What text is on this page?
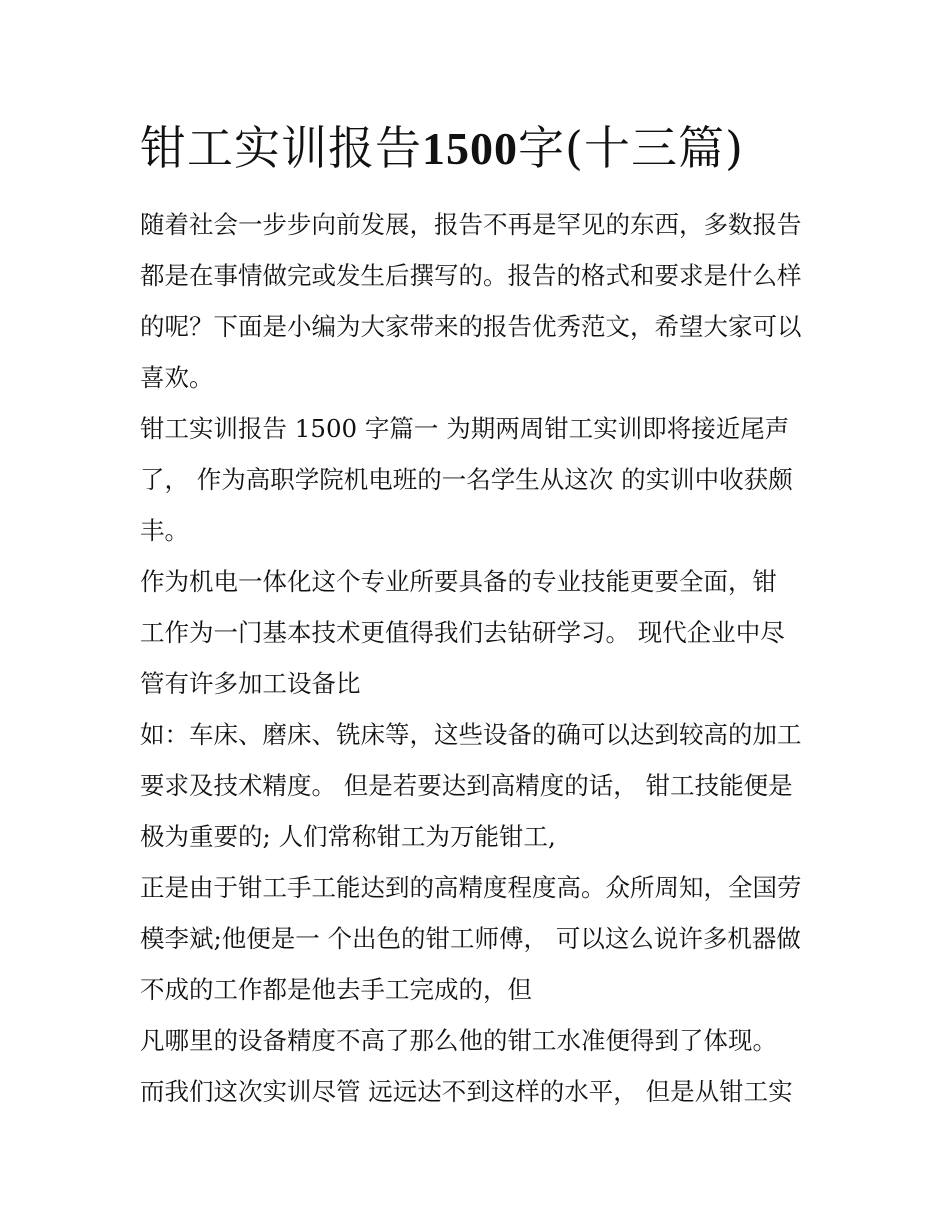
钳工实训报告1500字(十三篇)

随着社会一步步向前发展，报告不再是罕见的东西，多数报告

都是在事情做完或发生后撰写的。报告的格式和要求是什么样

的呢？下面是小编为大家带来的报告优秀范文，希望大家可以

喜欢。

钳工实训报告 1500 字篇一 为期两周钳工实训即将接近尾声

了， 作为高职学院机电班的一名学生从这次 的实训中收获颇

丰。

作为机电一体化这个专业所要具备的专业技能更要全面，钳

工作为一门基本技术更值得我们去钻研学习。 现代企业中尽

管有许多加工设备比

如：车床、磨床、铣床等，这些设备的确可以达到较高的加工

要求及技术精度。 但是若要达到高精度的话， 钳工技能便是

极为重要的; 人们常称钳工为万能钳工,

正是由于钳工手工能达到的高精度程度高。众所周知，全国劳

模李斌;他便是一 个出色的钳工师傅， 可以这么说许多机器做

不成的工作都是他去手工完成的，但

凡哪里的设备精度不高了那么他的钳工水准便得到了体现。

而我们这次实训尽管 远远达不到这样的水平， 但是从钳工实
